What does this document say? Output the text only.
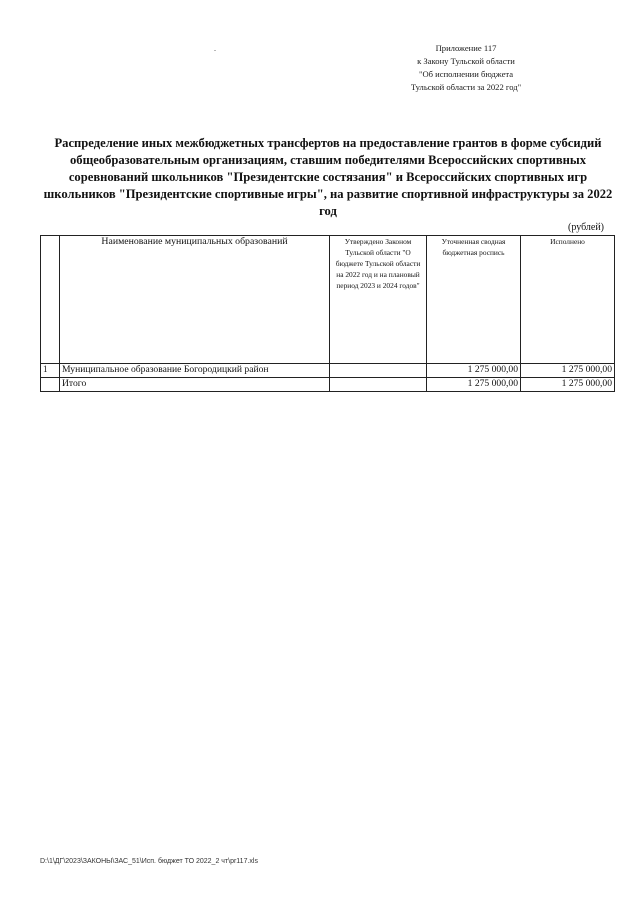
Приложение 117
к Закону Тульской области
"Об исполнении бюджета
Тульской области за 2022 год"
.
Распределение иных межбюджетных трансфертов на предоставление грантов в форме субсидий общеобразовательным организациям, ставшим победителями Всероссийских спортивных соревнований школьников "Президентские состязания" и Всероссийских спортивных игр школьников "Президентские спортивные игры", на развитие спортивной инфраструктуры за 2022 год
(рублей)
	Наименование муниципальных образований	Утверждено Законом Тульской области "О бюджете Тульской области на 2022 год и на плановый период 2023 и 2024 годов"	Уточненная сводная бюджетная роспись	Исполнено
1	Муниципальное образование Богородицкий район		1 275 000,00	1 275 000,00
	Итого		1 275 000,00	1 275 000,00
D:\1\ДГ\2023\ЗАКОНЫ\ЗАС_51\Исп. бюджет ТО 2022_2 чт\pr117.xls
